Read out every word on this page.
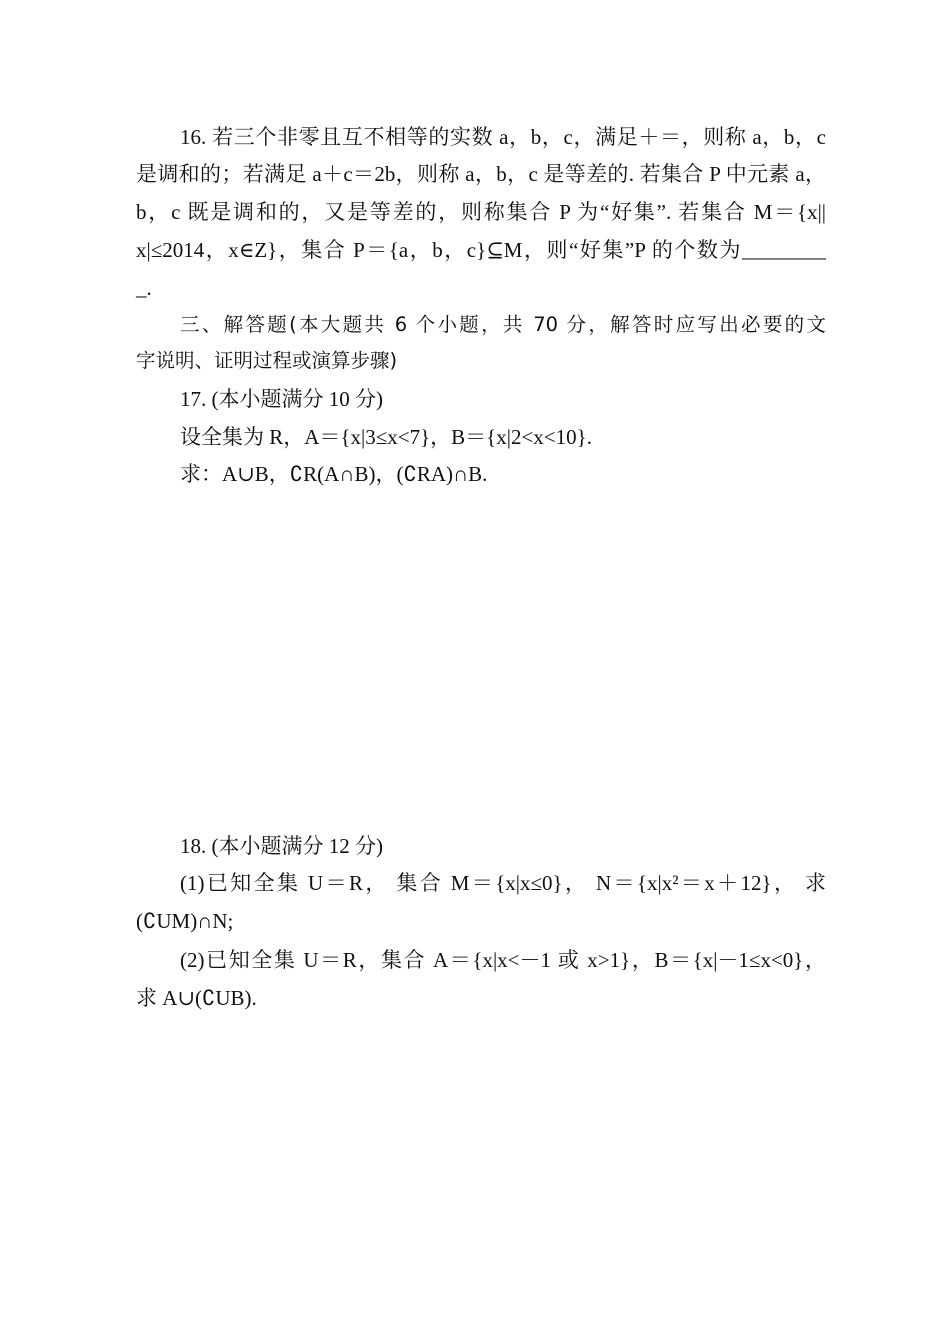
16. 若三个非零且互不相等的实数 a，b，c，满足＋＝，则称 a，b，c
是调和的；若满足 a＋c＝2b，则称 a，b，c 是等差的. 若集合 P 中元素 a，
b，c 既是调和的，又是等差的，则称集合 P 为“好集”. 若集合 M＝{x||
x|≤2014，x∈Z}，集合 P＝{a，b，c}⊆M，则“好集”P 的个数为________
_.
三、解答题(本大题共 6 个小题，共 70 分，解答时应写出必要的文
字说明、证明过程或演算步骤)
17. (本小题满分 10 分)
设全集为 R，A＝{x|3≤x<7}，B＝{x|2<x<10}.
求：A∪B，∁R(A∩B)，(∁RA)∩B.
18. (本小题满分 12 分)
(1)已知全集 U＝R， 集合 M＝{x|x≤0}， N＝{x|x²＝x＋12}， 求
(∁UM)∩N;
(2)已知全集 U＝R，集合 A＝{x|x<－1 或 x>1}，B＝{x|－1≤x<0}，
求 A∪(∁UB).
